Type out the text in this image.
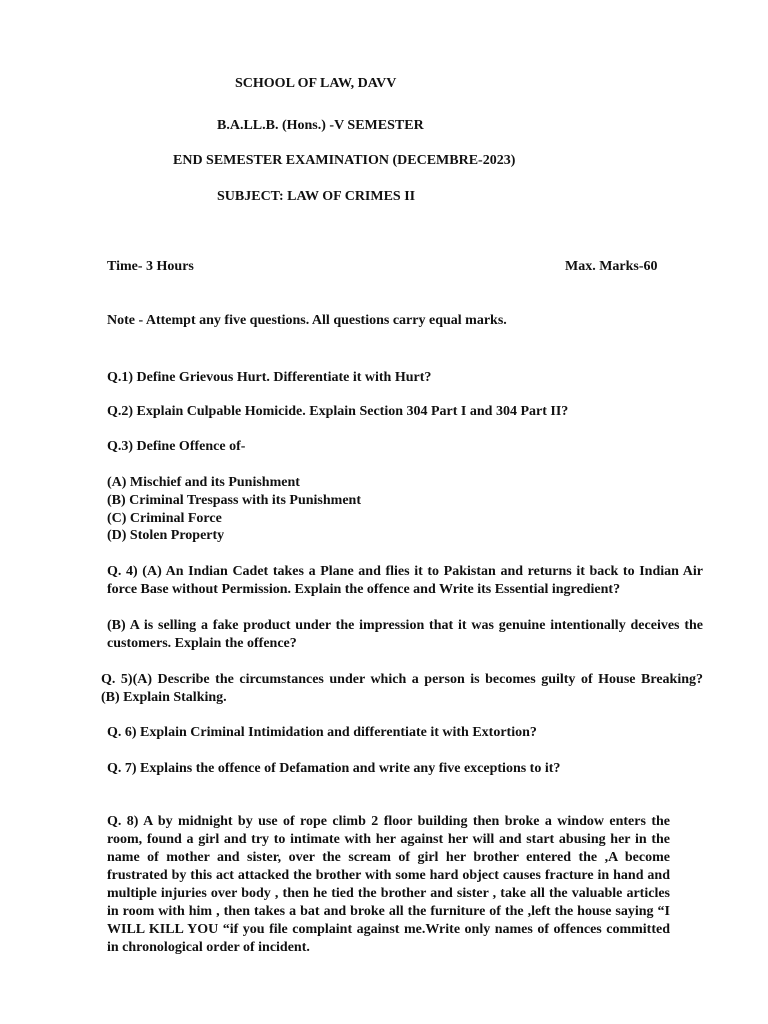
SCHOOL OF LAW, DAVV
B.A.LL.B. (Hons.) -V SEMESTER
END SEMESTER EXAMINATION (DECEMBRE-2023)
SUBJECT: LAW OF CRIMES II
Time- 3 Hours	Max. Marks-60
Note - Attempt any five questions. All questions carry equal marks.
Q.1) Define Grievous Hurt. Differentiate it with Hurt?
Q.2) Explain Culpable Homicide. Explain Section 304 Part I and 304 Part II?
Q.3) Define Offence of-
(A) Mischief and its Punishment
(B) Criminal Trespass with its Punishment
(C) Criminal Force
(D) Stolen Property
Q. 4) (A) An Indian Cadet takes a Plane and flies it to Pakistan and returns it back to Indian Air force Base without Permission. Explain the offence and Write its Essential ingredient?
(B) A is selling a fake product under the impression that it was genuine intentionally deceives the customers. Explain the offence?
Q. 5)(A) Describe the circumstances under which a person is becomes guilty of House Breaking?    (B) Explain Stalking.
Q. 6) Explain Criminal Intimidation and differentiate it with Extortion?
Q. 7) Explains the offence of Defamation and write any five exceptions to it?
Q. 8) A by midnight by use of rope climb 2 floor building then broke a window enters the room, found a girl and try to intimate with her against her will and start abusing her in the name of mother and sister, over the scream of girl her brother entered the ,A become frustrated by this act attacked the brother with some hard object causes fracture in hand and multiple injuries over body , then he tied the brother and sister , take all the valuable articles in room with him , then takes a bat and broke all the furniture of the ,left the house saying “I WILL KILL YOU “if you file complaint against me.Write only names of offences committed in chronological order of incident.
